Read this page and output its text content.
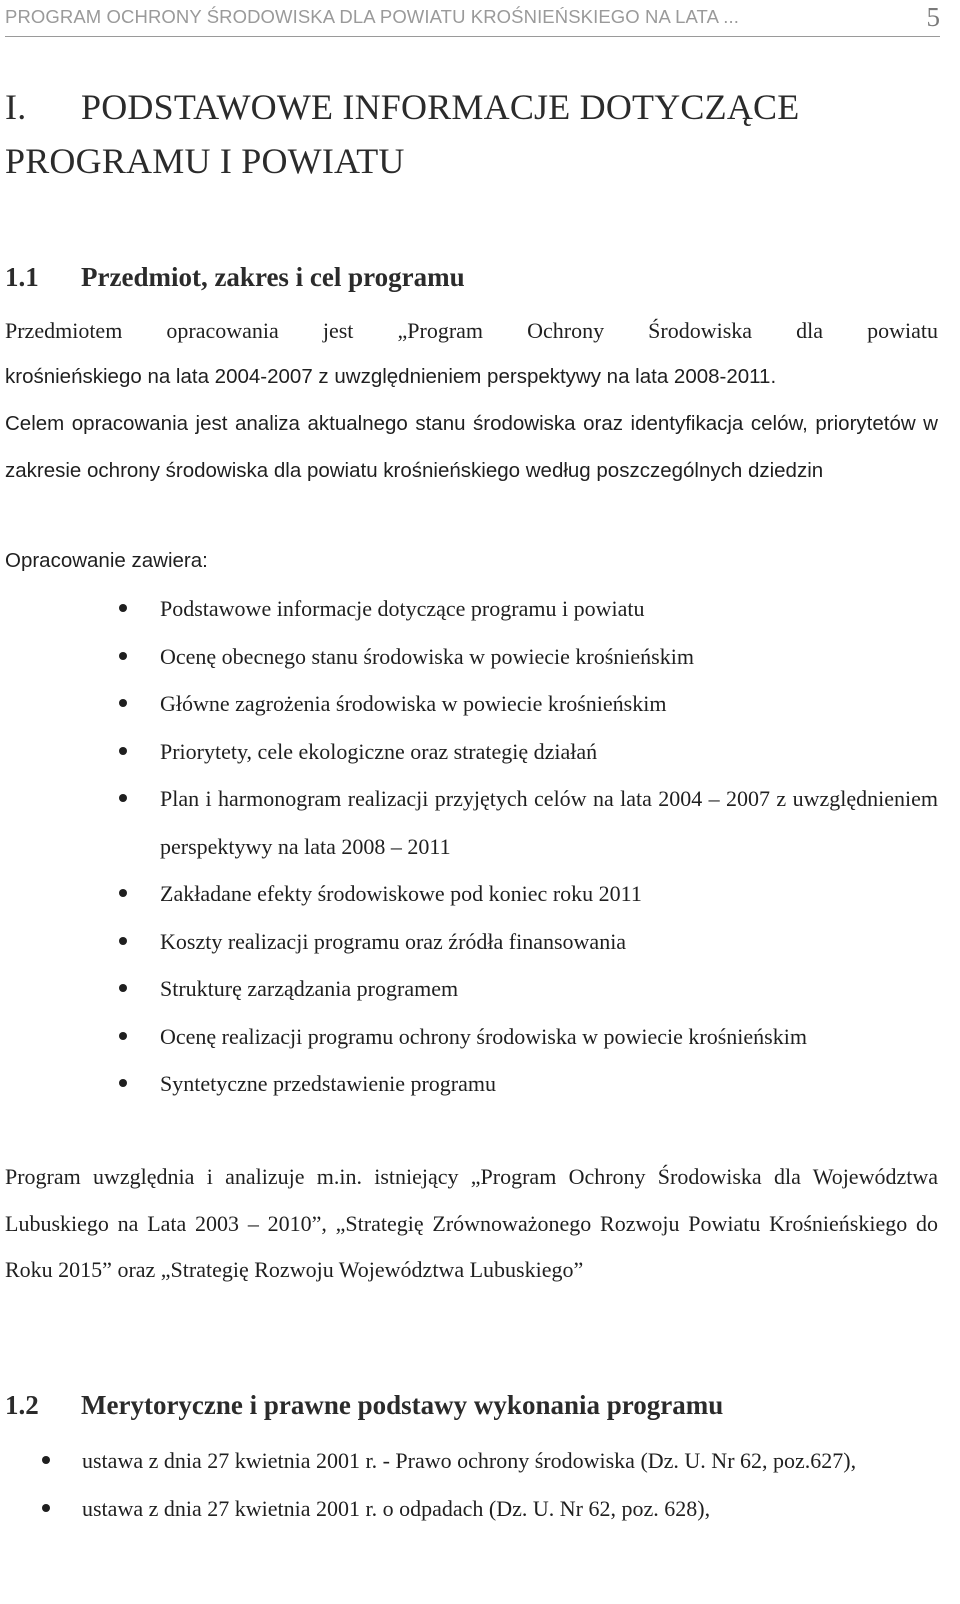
PROGRAM OCHRONY ŚRODOWISKA DLA POWIATU KROŚNIEŃSKIEGO NA LATA ...	5
I. PODSTAWOWE INFORMACJE DOTYCZĄCE
PROGRAMU I POWIATU
1.1 Przedmiot, zakres i cel programu

Przedmiotem opracowania jest „Program Ochrony Środowiska dla powiatu

krośnieńskiego na lata 2004-2007 z uwzględnieniem perspektywy na lata 2008-2011.

Celem opracowania jest analiza aktualnego stanu środowiska oraz identyfikacja celów, priorytetów w zakresie ochrony środowiska dla powiatu krośnieńskiego według poszczególnych dziedzin

Opracowanie zawiera:

Podstawowe informacje dotyczące programu i powiatu
Ocenę obecnego stanu środowiska w powiecie krośnieńskim
Główne zagrożenia środowiska w powiecie krośnieńskim
Priorytety, cele ekologiczne oraz strategię działań
Plan i harmonogram realizacji przyjętych celów na lata 2004 – 2007 z uwzględnieniem perspektywy na lata 2008 – 2011
Zakładane efekty środowiskowe pod koniec roku 2011
Koszty realizacji programu oraz źródła finansowania
Strukturę zarządzania programem
Ocenę realizacji programu ochrony środowiska w powiecie krośnieńskim
Syntetyczne przedstawienie programu

Program uwzględnia i analizuje m.in. istniejący „Program Ochrony Środowiska dla Województwa Lubuskiego na Lata 2003 – 2010”, „Strategię Zrównoważonego Rozwoju Powiatu Krośnieńskiego do Roku 2015” oraz „Strategię Rozwoju Województwa Lubuskiego”

1.2 Merytoryczne i prawne podstawy wykonania programu
ustawa z dnia 27 kwietnia 2001 r. - Prawo ochrony środowiska (Dz. U. Nr 62, poz.627),
ustawa z dnia 27 kwietnia 2001 r. o odpadach (Dz. U. Nr 62, poz. 628),
